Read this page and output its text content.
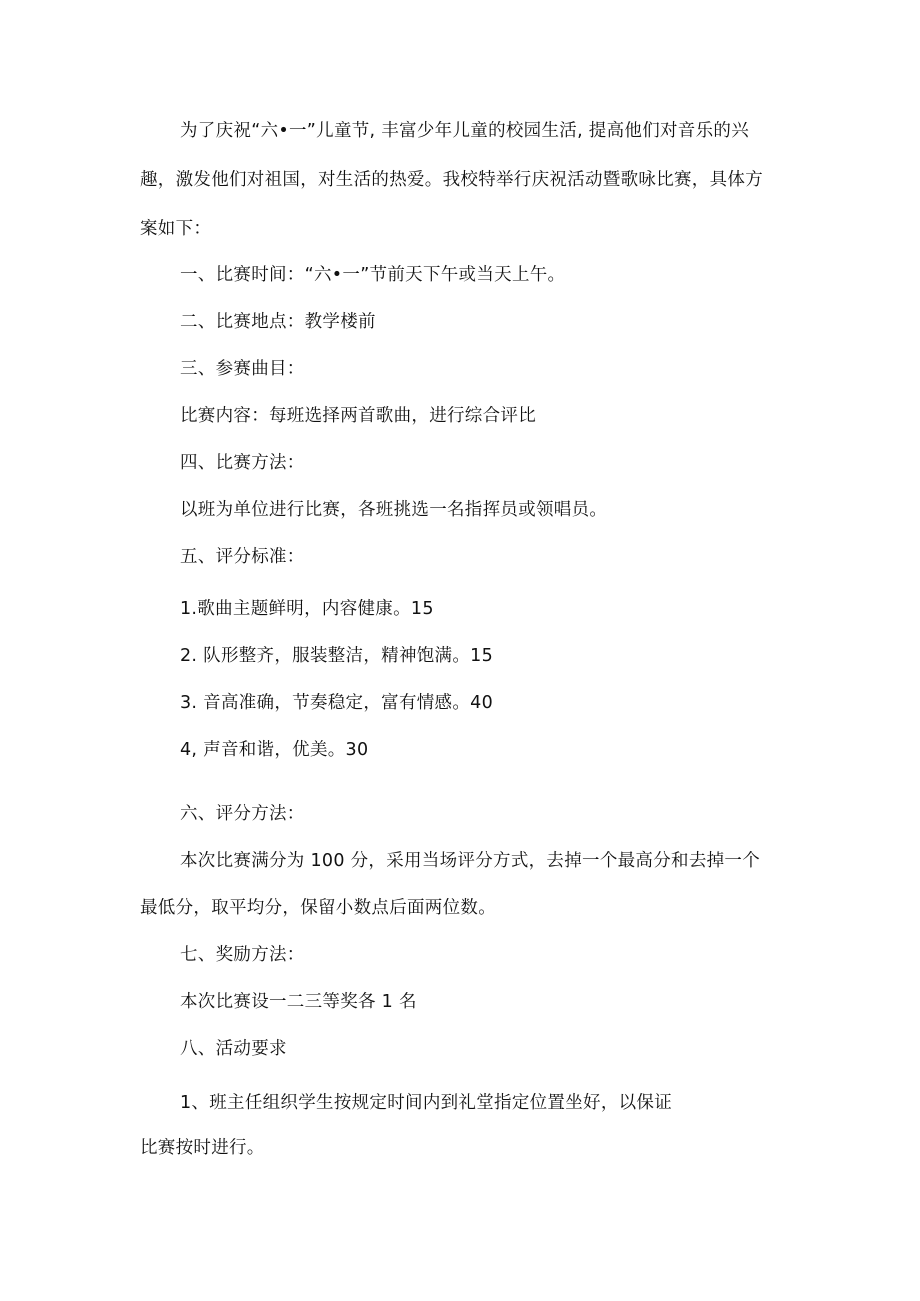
为了庆祝“六•一”儿童节, 丰富少年儿童的校园生活, 提高他们对音乐的兴
趣，激发他们对祖国，对生活的热爱。我校特举行庆祝活动暨歌咏比赛，具体方
案如下：
一、比赛时间：“六•一”节前天下午或当天上午。
二、比赛地点：教学楼前
三、参赛曲目：
比赛内容：每班选择两首歌曲，进行综合评比
四、比赛方法：
以班为单位进行比赛，各班挑选一名指挥员或领唱员。
五、评分标准：
1.歌曲主题鲜明，内容健康。15
2. 队形整齐，服装整洁，精神饱满。15
3. 音高准确，节奏稳定，富有情感。40
4, 声音和谐，优美。30
六、评分方法：
本次比赛满分为 100 分，采用当场评分方式，去掉一个最高分和去掉一个
最低分，取平均分，保留小数点后面两位数。
七、奖励方法：
本次比赛设一二三等奖各 1 名
八、活动要求
1、班主任组织学生按规定时间内到礼堂指定位置坐好，以保证
比赛按时进行。
